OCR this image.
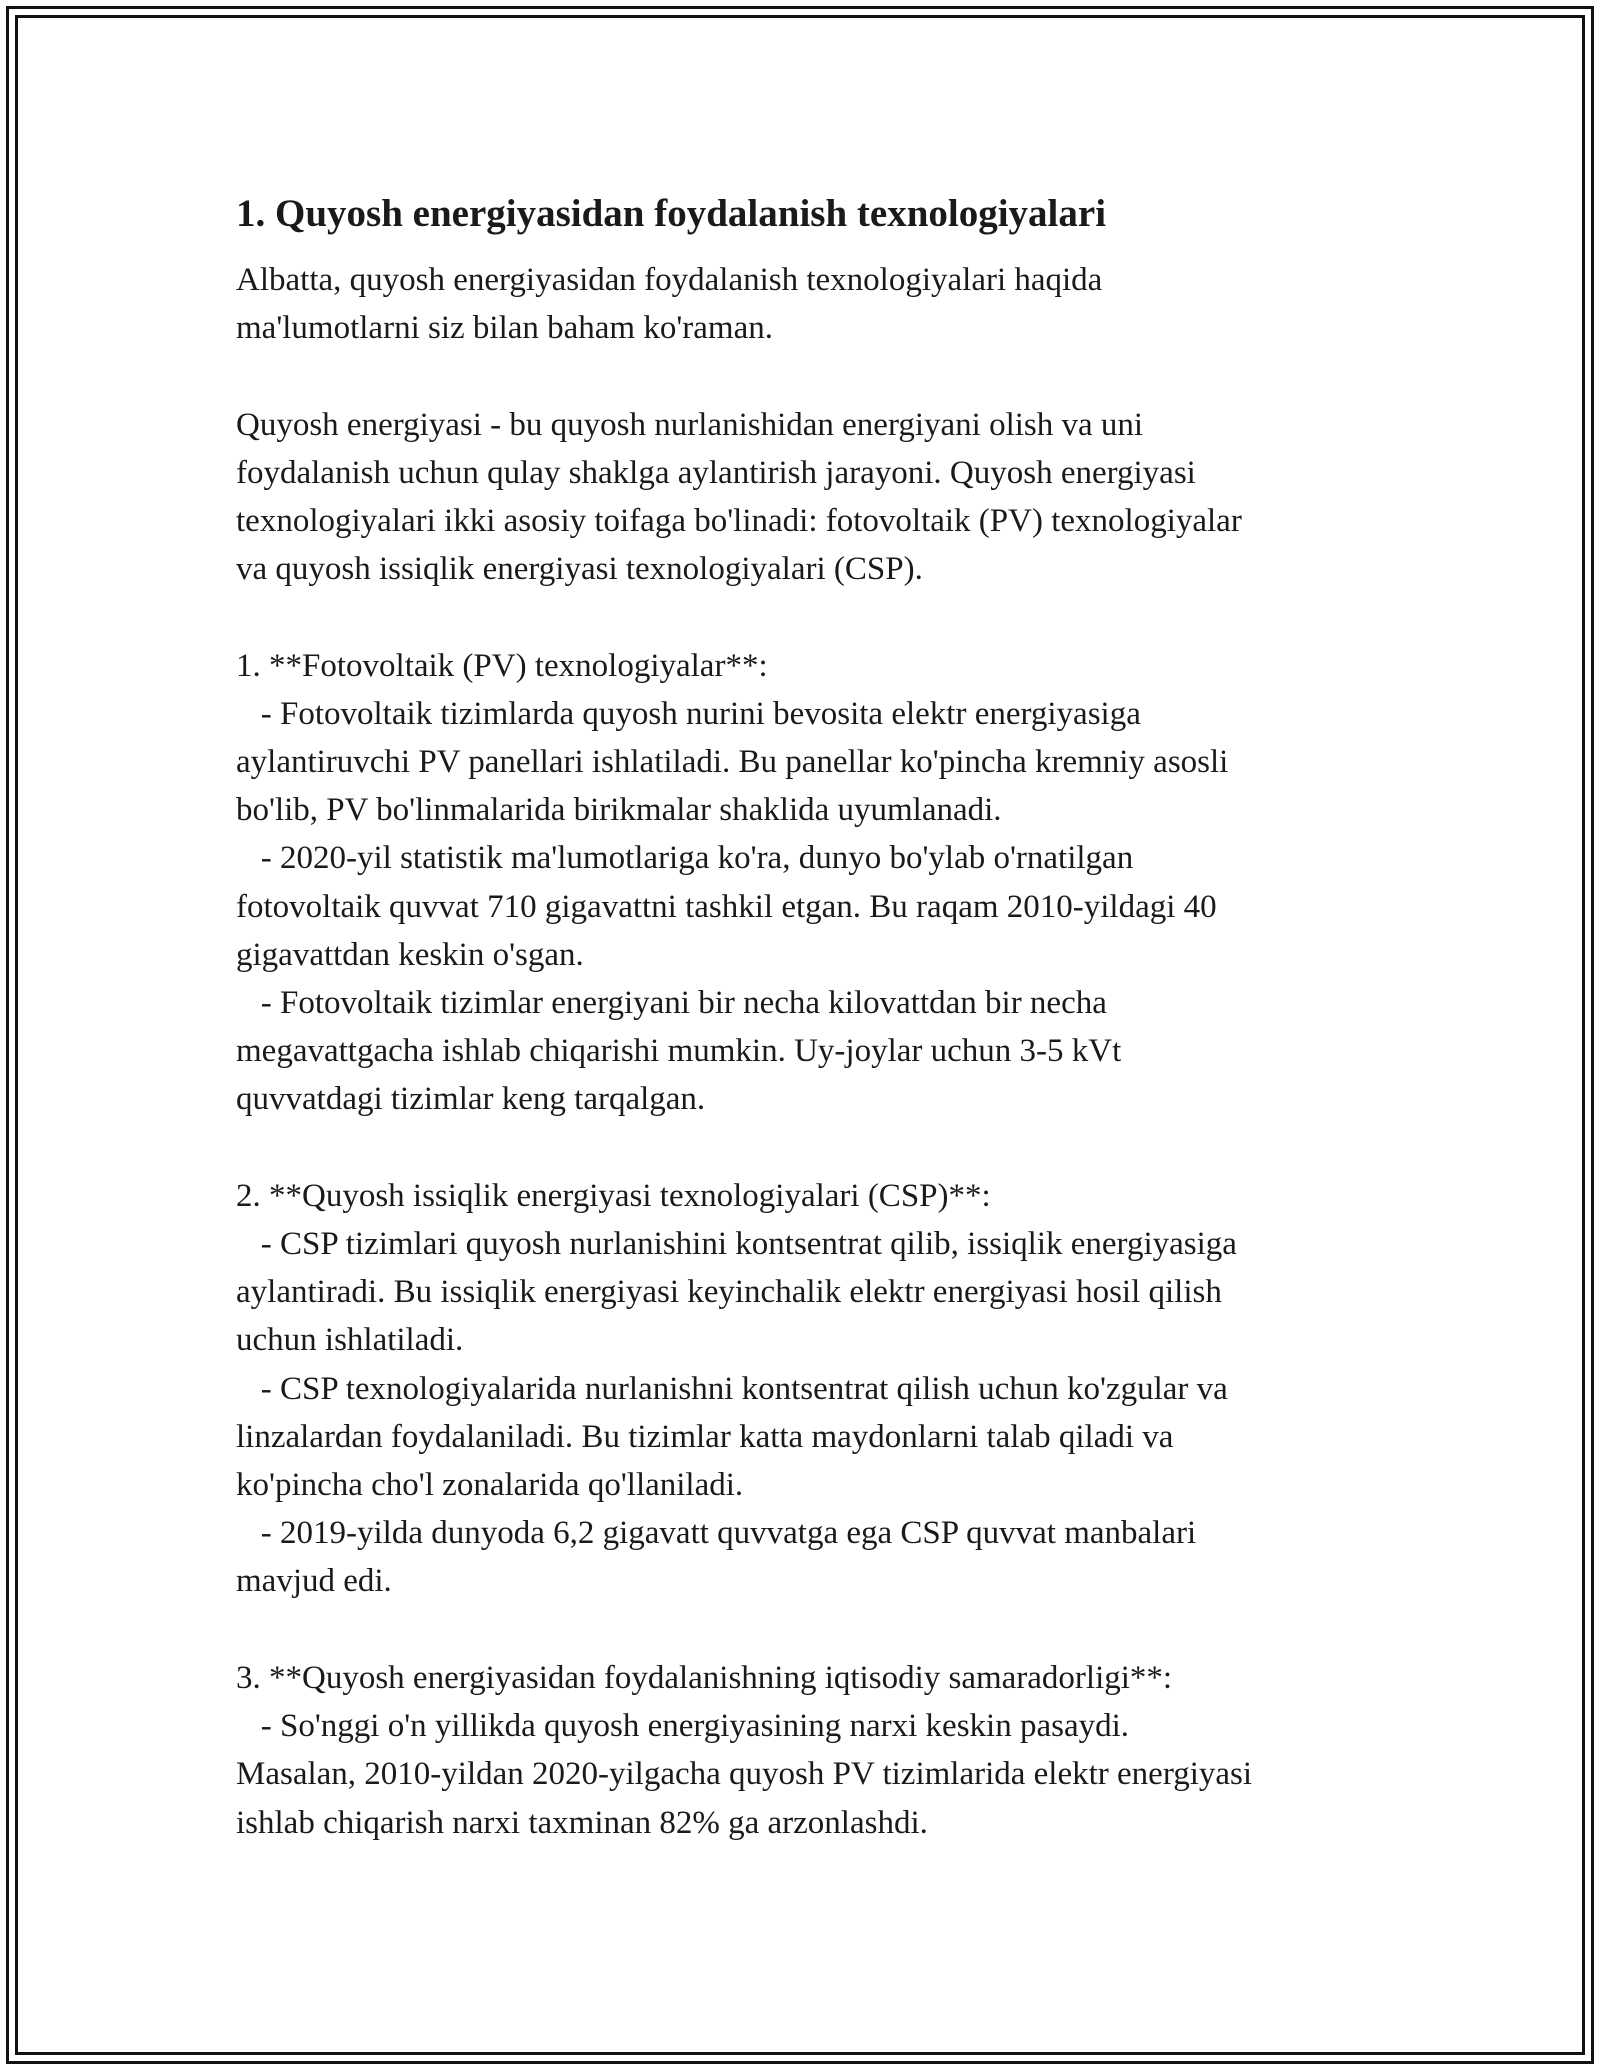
1. Quyosh energiyasidan foydalanish texnologiyalari
Albatta, quyosh energiyasidan foydalanish texnologiyalari haqida
ma'lumotlarni siz bilan baham ko'raman.

Quyosh energiyasi - bu quyosh nurlanishidan energiyani olish va uni
foydalanish uchun qulay shaklga aylantirish jarayoni. Quyosh energiyasi
texnologiyalari ikki asosiy toifaga bo'linadi: fotovoltaik (PV) texnologiyalar
va quyosh issiqlik energiyasi texnologiyalari (CSP).

1. **Fotovoltaik (PV) texnologiyalar**:
- Fotovoltaik tizimlarda quyosh nurini bevosita elektr energiyasiga
aylantiruvchi PV panellari ishlatiladi. Bu panellar ko'pincha kremniy asosli
bo'lib, PV bo'linmalarida birikmalar shaklida uyumlanadi.
- 2020-yil statistik ma'lumotlariga ko'ra, dunyo bo'ylab o'rnatilgan
fotovoltaik quvvat 710 gigavattni tashkil etgan. Bu raqam 2010-yildagi 40
gigavattdan keskin o'sgan.
- Fotovoltaik tizimlar energiyani bir necha kilovattdan bir necha
megavattgacha ishlab chiqarishi mumkin. Uy-joylar uchun 3-5 kVt
quvvatdagi tizimlar keng tarqalgan.

2. **Quyosh issiqlik energiyasi texnologiyalari (CSP)**:
- CSP tizimlari quyosh nurlanishini kontsentrat qilib, issiqlik energiyasiga
aylantiradi. Bu issiqlik energiyasi keyinchalik elektr energiyasi hosil qilish
uchun ishlatiladi.
- CSP texnologiyalarida nurlanishni kontsentrat qilish uchun ko'zgular va
linzalardan foydalaniladi. Bu tizimlar katta maydonlarni talab qiladi va
ko'pincha cho'l zonalarida qo'llaniladi.
- 2019-yilda dunyoda 6,2 gigavatt quvvatga ega CSP quvvat manbalari
mavjud edi.

3. **Quyosh energiyasidan foydalanishning iqtisodiy samaradorligi**:
- So'nggi o'n yillikda quyosh energiyasining narxi keskin pasaydi.
Masalan, 2010-yildan 2020-yilgacha quyosh PV tizimlarida elektr energiyasi
ishlab chiqarish narxi taxminan 82% ga arzonlashdi.
